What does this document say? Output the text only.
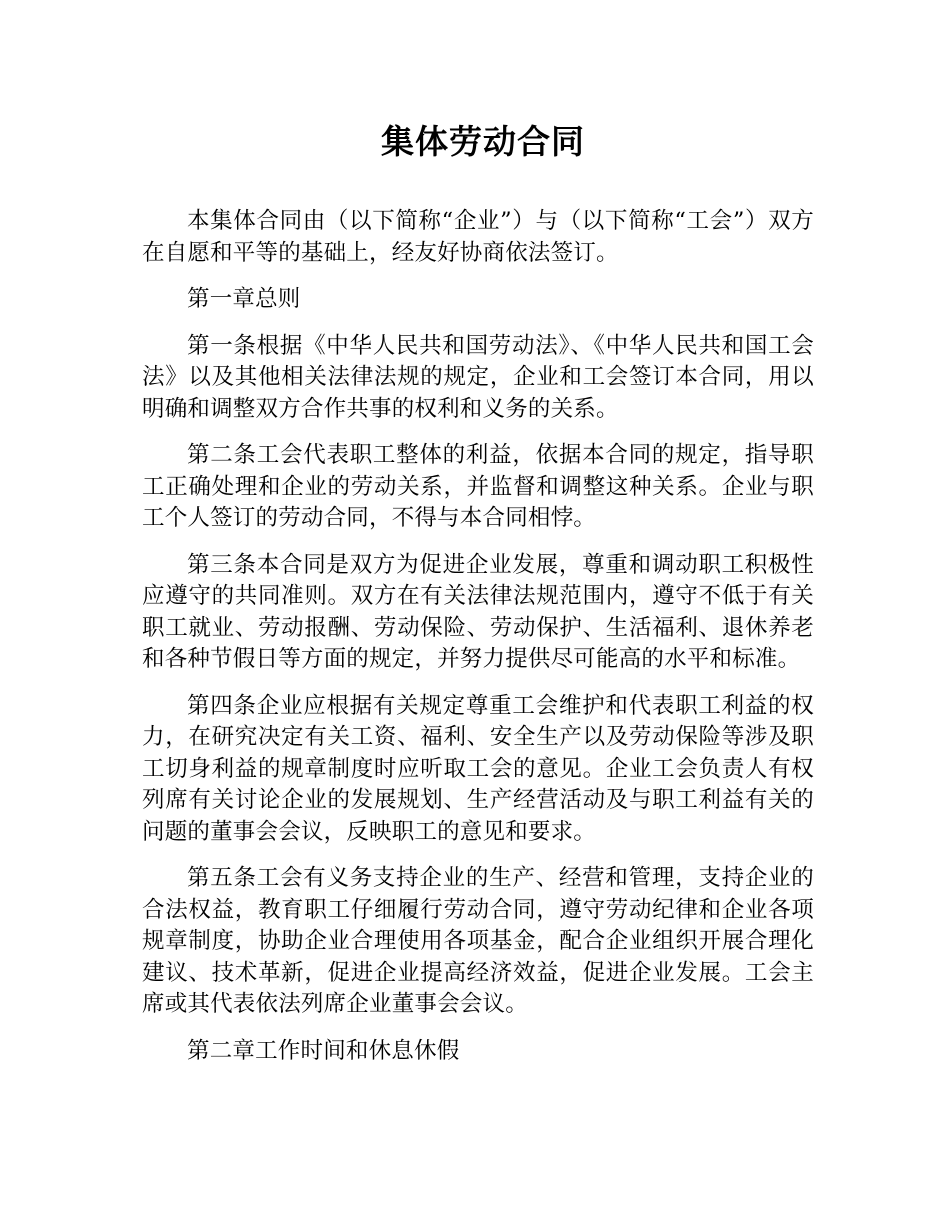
集体劳动合同

本集体合同由（以下简称“企业”）与（以下简称“工会”）双方在自愿和平等的基础上，经友好协商依法签订。

第一章总则

第一条根据《中华人民共和国劳动法》、《中华人民共和国工会法》以及其他相关法律法规的规定，企业和工会签订本合同，用以明确和调整双方合作共事的权利和义务的关系。

第二条工会代表职工整体的利益，依据本合同的规定，指导职工正确处理和企业的劳动关系，并监督和调整这种关系。企业与职工个人签订的劳动合同，不得与本合同相悖。

第三条本合同是双方为促进企业发展，尊重和调动职工积极性应遵守的共同准则。双方在有关法律法规范围内，遵守不低于有关职工就业、劳动报酬、劳动保险、劳动保护、生活福利、退休养老和各种节假日等方面的规定，并努力提供尽可能高的水平和标准。

第四条企业应根据有关规定尊重工会维护和代表职工利益的权力，在研究决定有关工资、福利、安全生产以及劳动保险等涉及职工切身利益的规章制度时应听取工会的意见。企业工会负责人有权列席有关讨论企业的发展规划、生产经营活动及与职工利益有关的问题的董事会会议，反映职工的意见和要求。

第五条工会有义务支持企业的生产、经营和管理，支持企业的合法权益，教育职工仔细履行劳动合同，遵守劳动纪律和企业各项规章制度，协助企业合理使用各项基金，配合企业组织开展合理化建议、技术革新，促进企业提高经济效益，促进企业发展。工会主席或其代表依法列席企业董事会会议。

第二章工作时间和休息休假
